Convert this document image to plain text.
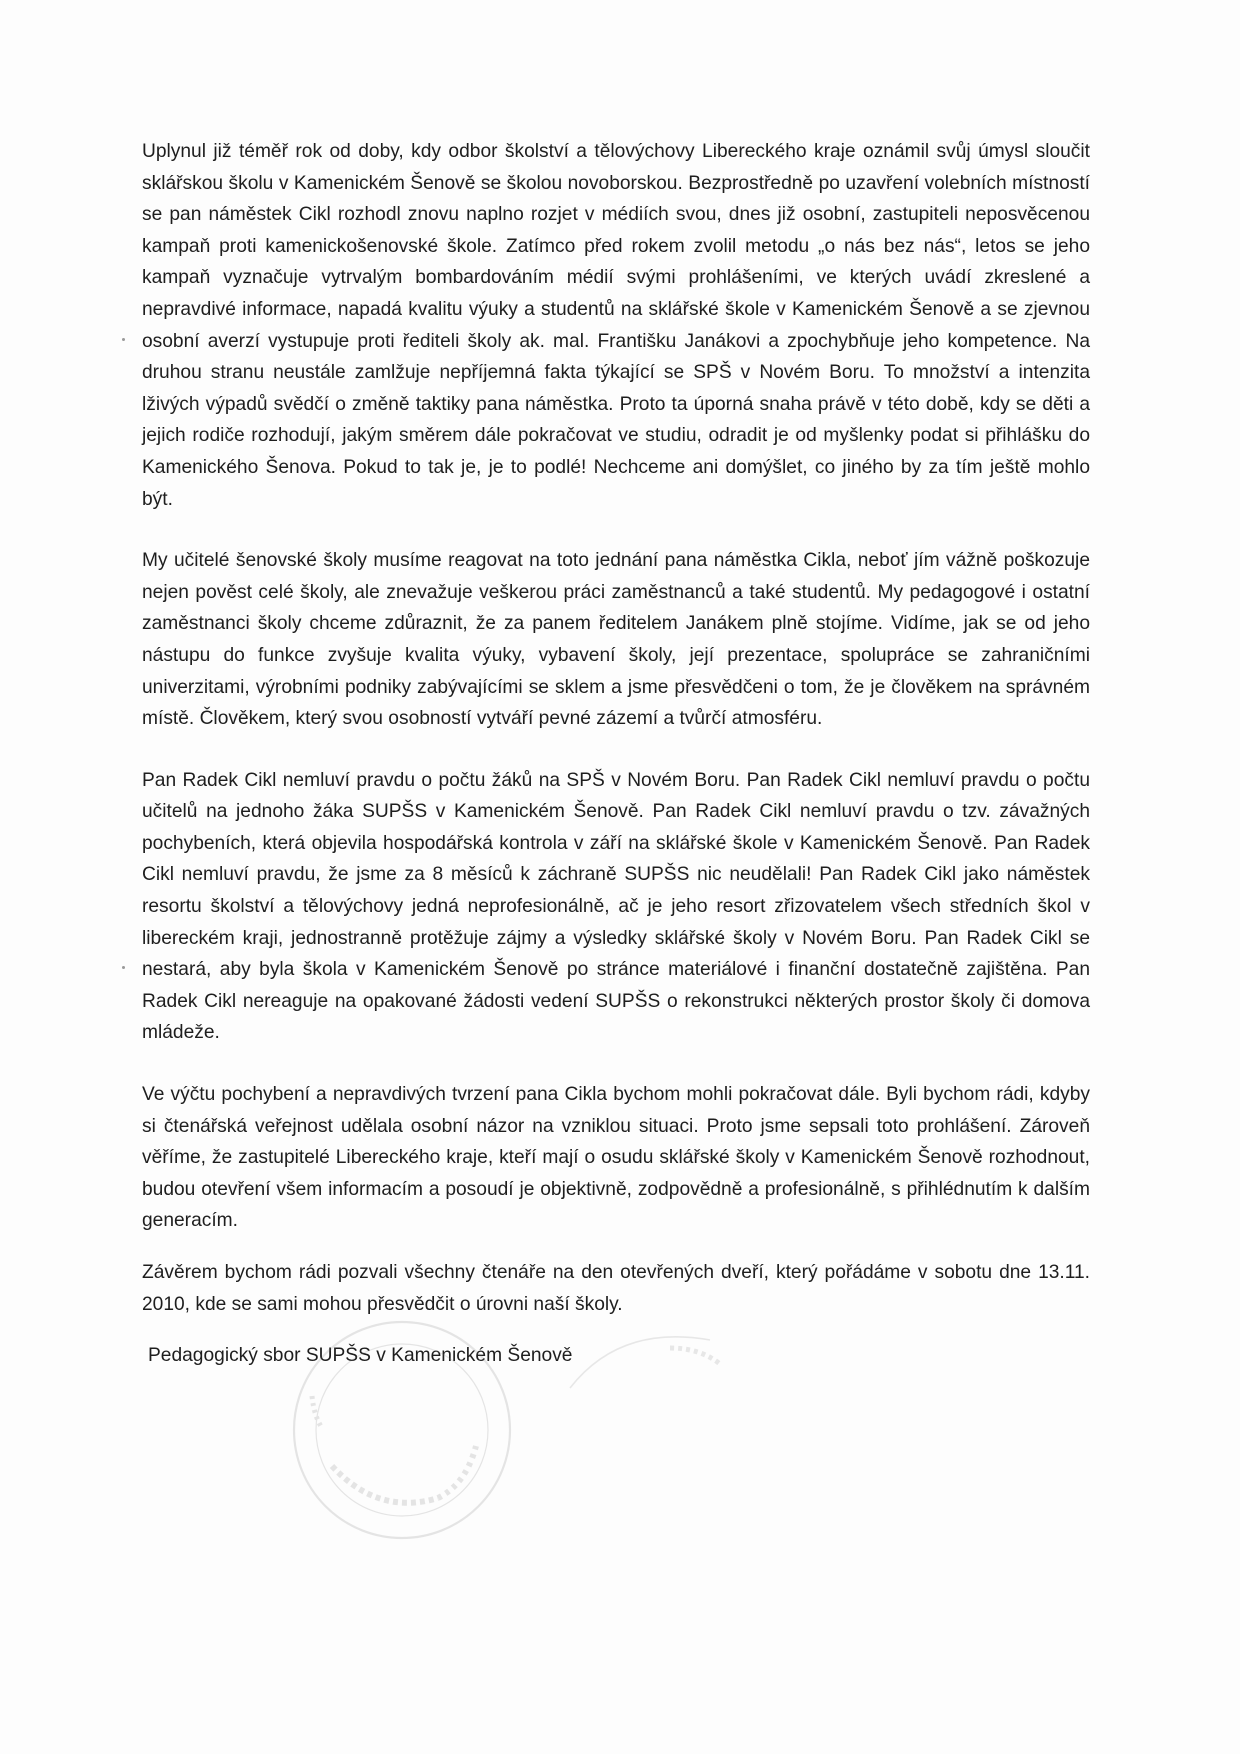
Uplynul již téměř rok od doby, kdy odbor školství a tělovýchovy Libereckého kraje oznámil svůj úmysl sloučit sklářskou školu v Kamenickém Šenově se školou novoborskou. Bezprostředně po uzavření volebních místností se pan náměstek Cikl rozhodl znovu naplno rozjet v médiích svou, dnes již osobní, zastupiteli neposvěcenou kampaň proti kamenickošenovské škole. Zatímco před rokem zvolil metodu „o nás bez nás“, letos se jeho kampaň vyznačuje vytrvalým bombardováním médií svými prohlášeními, ve kterých uvádí zkreslené a nepravdivé informace, napadá kvalitu výuky a studentů na sklářské škole v Kamenickém Šenově a se zjevnou osobní averzí vystupuje proti řediteli školy ak. mal. Františku Janákovi a zpochybňuje jeho kompetence. Na druhou stranu neustále zamlžuje nepříjemná fakta týkající se SPŠ v Novém Boru. To množství a intenzita lživých výpadů svědčí o změně taktiky pana náměstka. Proto ta úporná snaha právě v této době, kdy se děti a jejich rodiče rozhodují, jakým směrem dále pokračovat ve studiu, odradit je od myšlenky podat si přihlášku do Kamenického Šenova. Pokud to tak je, je to podlé! Nechceme ani domýšlet, co jiného by za tím ještě mohlo být.

My učitelé šenovské školy musíme reagovat na toto jednání pana náměstka Cikla, neboť jím vážně poškozuje nejen pověst celé školy, ale znevažuje veškerou práci zaměstnanců a také studentů. My pedagogové i ostatní zaměstnanci školy chceme zdůraznit, že za panem ředitelem Janákem plně stojíme. Vidíme, jak se od jeho nástupu do funkce zvyšuje kvalita výuky, vybavení školy, její prezentace, spolupráce se zahraničními univerzitami, výrobními podniky zabývajícími se sklem a jsme přesvědčeni o tom, že je člověkem na správném místě. Člověkem, který svou osobností vytváří pevné zázemí a tvůrčí atmosféru.

Pan Radek Cikl nemluví pravdu o počtu žáků na SPŠ v Novém Boru. Pan Radek Cikl nemluví pravdu o počtu učitelů na jednoho žáka SUPŠS v Kamenickém Šenově. Pan Radek Cikl nemluví pravdu o tzv. závažných pochybeních, která objevila hospodářská kontrola v září na sklářské škole v Kamenickém Šenově. Pan Radek Cikl nemluví pravdu, že jsme za 8 měsíců k záchraně SUPŠS nic neudělali! Pan Radek Cikl jako náměstek resortu školství a tělovýchovy jedná neprofesionálně, ač je jeho resort zřizovatelem všech středních škol v libereckém kraji, jednostranně protěžuje zájmy a výsledky sklářské školy v Novém Boru. Pan Radek Cikl se nestará, aby byla škola v Kamenickém Šenově po stránce materiálové i finanční dostatečně zajištěna. Pan Radek Cikl nereaguje na opakované žádosti vedení SUPŠS o rekonstrukci některých prostor školy či domova mládeže.

Ve výčtu pochybení a nepravdivých tvrzení pana Cikla bychom mohli pokračovat dále. Byli bychom rádi, kdyby si čtenářská veřejnost udělala osobní názor na vzniklou situaci. Proto jsme sepsali toto prohlášení. Zároveň věříme, že zastupitelé Libereckého kraje, kteří mají o osudu sklářské školy v Kamenickém Šenově rozhodnout, budou otevření všem informacím a posoudí je objektivně, zodpovědně a profesionálně, s přihlédnutím k dalším generacím.

Závěrem bychom rádi pozvali všechny čtenáře na den otevřených dveří, který pořádáme v sobotu dne 13.11. 2010, kde se sami mohou přesvědčit o úrovni naší školy.

Pedagogický sbor SUPŠS v Kamenickém Šenově
